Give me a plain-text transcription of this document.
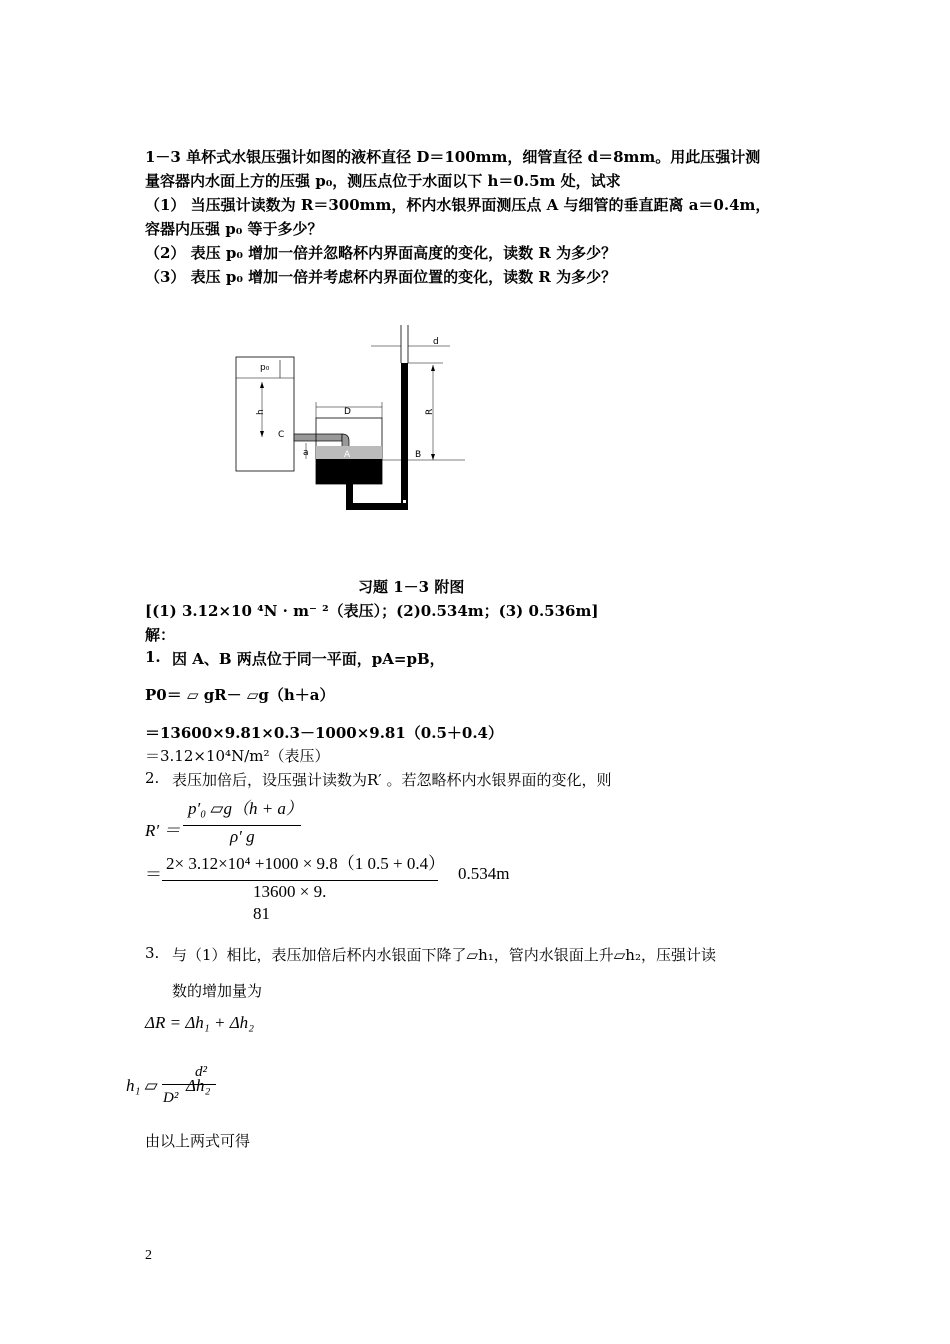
1－3 单杯式水银压强计如图的液杯直径 D＝100mm，细管直径 d＝8mm。用此压强计测
量容器内水面上方的压强 p₀，测压点位于水面以下 h＝0.5m 处，试求
（1） 当压强计读数为 R＝300mm，杯内水银界面测压点 A 与细管的垂直距离 a＝0.4m，
容器内压强 p₀ 等于多少？
（2） 表压 p₀ 增加一倍并忽略杯内界面高度的变化，读数 R 为多少？
（3） 表压 p₀ 增加一倍并考虑杯内界面位置的变化，读数 R 为多少？
p₀
h
C
a
D
A	B
R
d
习题 1－3 附图
[(1) 3.12×10 ⁴N · m⁻ ²（表压）；(2)0.534m；(3) 0.536m]
解：
1. 因 A、B 两点位于同一平面，pA=pB，
P0＝ ▱ gR－ ▱g（h＋a）
＝13600×9.81×0.3－1000×9.81（0.5＋0.4）
＝3.12×10⁴N/m²（表压）
2. 表压加倍后，设压强计读数为R′ 。若忽略杯内水银界面的变化，则
R′ ＝
p′₀ ▱g（h + a）
ρ′ g
＝
2× 3.12×10⁴ +1000 × 9.8（1 0.5 + 0.4）
0.534m
13600 × 9.
81
3. 与（1）相比，表压加倍后杯内水银面下降了▱h₁，管内水银面上升▱h₂，压强计读
数的增加量为
ΔR = Δh₁ + Δh₂
h₁ ▱
d²
D²
Δh₂
由以上两式可得
2
